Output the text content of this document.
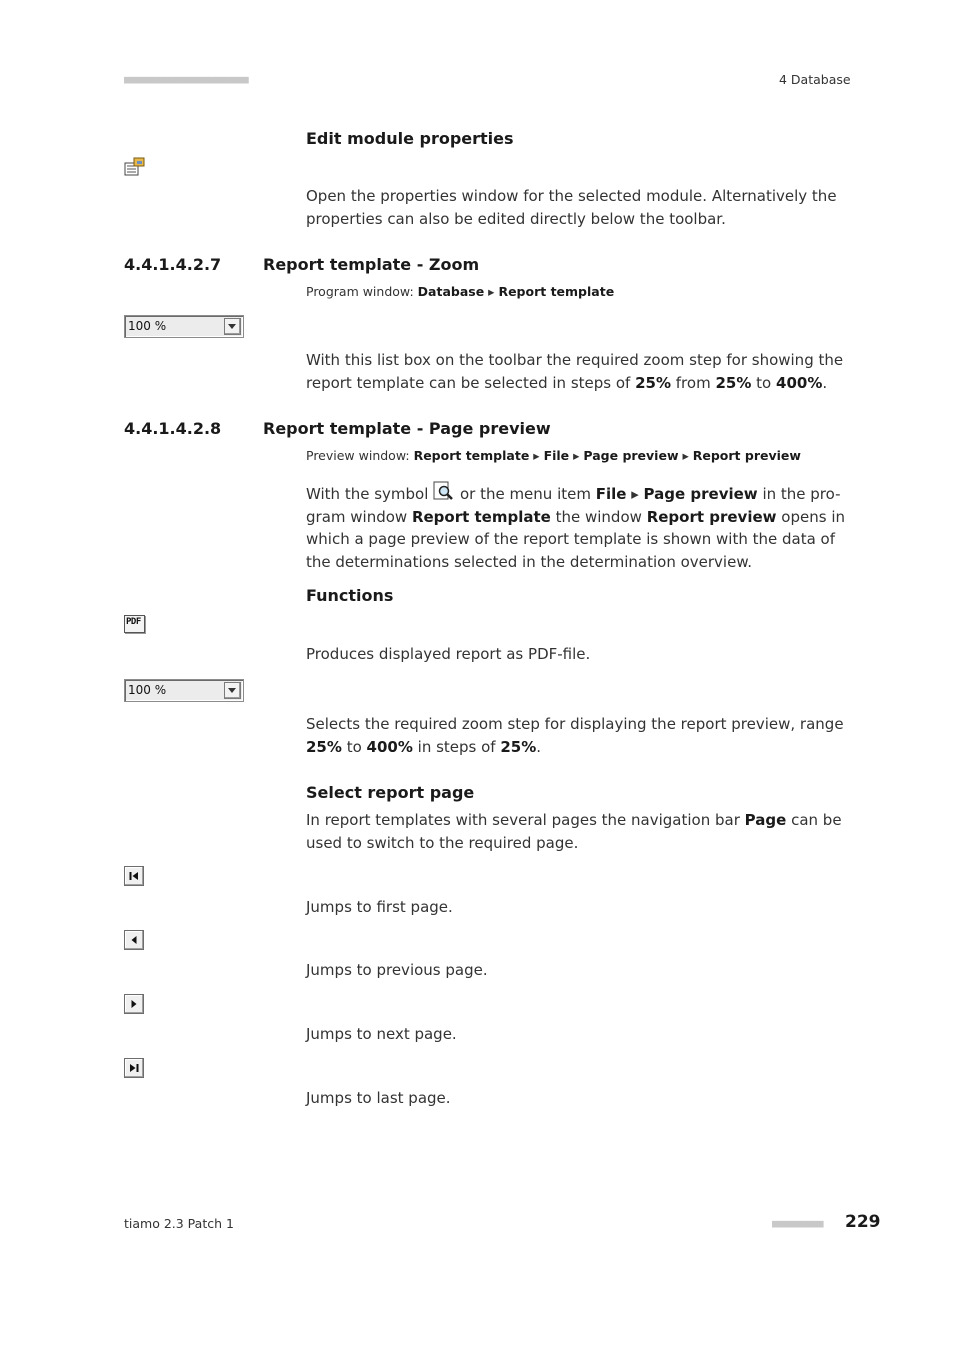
■■■■■■■■■■■■■■■■■■■■■■	4 Database
Edit module properties
Open the properties window for the selected module. Alternatively the
properties can also be edited directly below the toolbar.
4.4.1.4.2.7	Report template - Zoom
Program window: Database ▸ Report template
100 %
With this list box on the toolbar the required zoom step for showing the
report template can be selected in steps of 25% from 25% to 400%.
4.4.1.4.2.8	Report template - Page preview
Preview window: Report template ▸ File ▸ Page preview ▸ Report preview
With the symbol or the menu item File ▸ Page preview in the pro-
gram window Report template the window Report preview opens in
which a page preview of the report template is shown with the data of
the determinations selected in the determination overview.
Functions
PDF
Produces displayed report as PDF-file.
100 %
Selects the required zoom step for displaying the report preview, range
25% to 400% in steps of 25%.
Select report page
In report templates with several pages the navigation bar Page can be
used to switch to the required page.
Jumps to first page.
Jumps to previous page.
Jumps to next page.
Jumps to last page.
tiamo 2.3 Patch 1	■■■■■■■■■ 229
